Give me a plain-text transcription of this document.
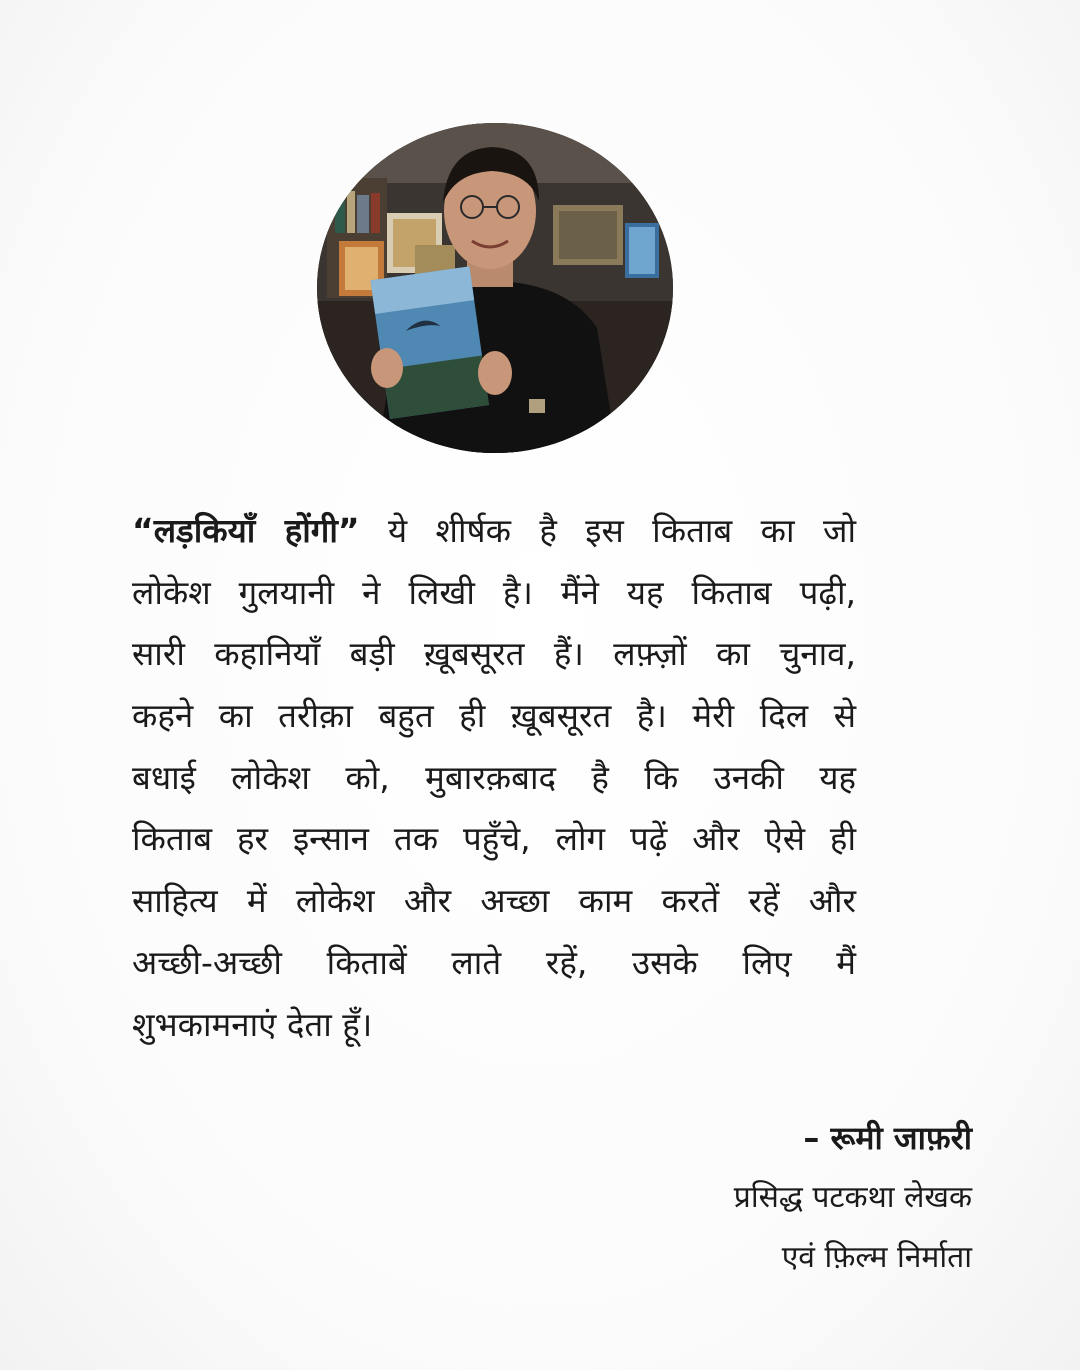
“लड़कियाँ होंगी” ये शीर्षक है इस किताब का जो
लोकेश गुलयानी ने लिखी है। मैंने यह किताब पढ़ी,
सारी कहानियाँ बड़ी ख़ूबसूरत हैं। लफ़्ज़ों का चुनाव,
कहने का तरीक़ा बहुत ही ख़ूबसूरत है। मेरी दिल से
बधाई लोकेश को, मुबारक़बाद है कि उनकी यह
किताब हर इन्सान तक पहुँचे, लोग पढ़ें और ऐसे ही
साहित्य में लोकेश और अच्छा काम करतें रहें और
अच्छी-अच्छी किताबें लाते रहें, उसके लिए मैं
शुभकामनाएं देता हूँ।
– रूमी जाफ़री
प्रसिद्ध पटकथा लेखक
एवं फ़िल्म निर्माता
